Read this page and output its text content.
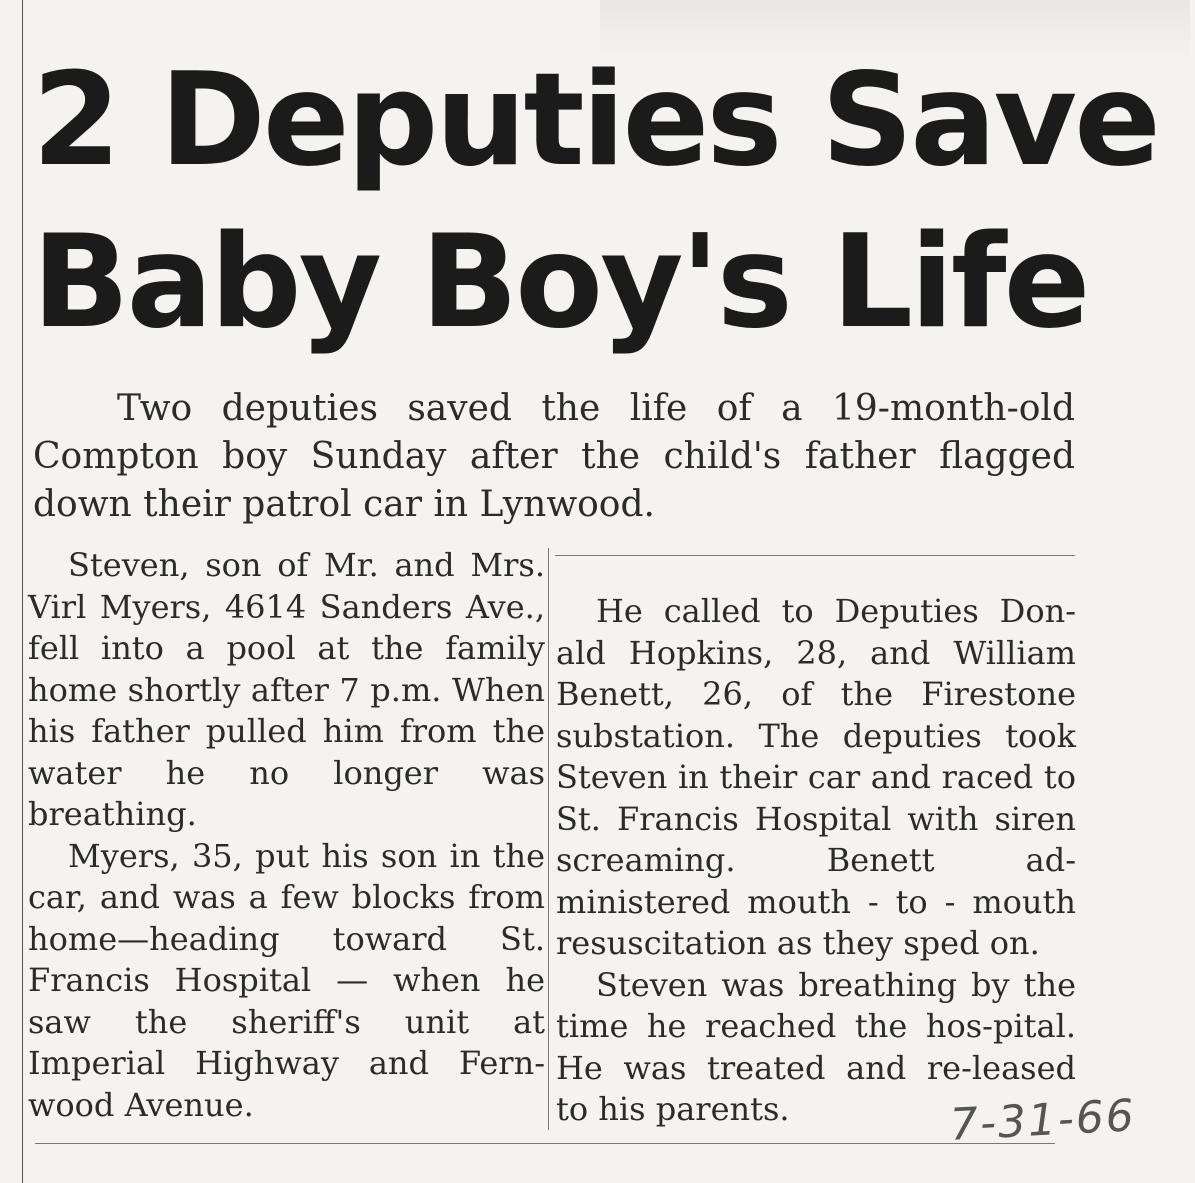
2 Deputies Save
Baby Boy's Life

Two deputies saved the life of a 19-month-old Compton boy Sunday after the child's father flagged down their patrol car in Lynwood.

Steven, son of Mr. and Mrs. Virl Myers, 4614 Sanders Ave., fell into a pool at the family home shortly after 7 p.m. When his father pulled him from the water he no longer was breathing.

Myers, 35, put his son in the car, and was a few blocks from home—heading toward St. Francis Hospital — when he saw the sheriff's unit at Imperial Highway and Fern-wood Avenue.

He called to Deputies Don-ald Hopkins, 28, and William Benett, 26, of the Firestone substation. The deputies took Steven in their car and raced to St. Francis Hospital with siren screaming. Benett ad-ministered mouth - to - mouth resuscitation as they sped on.

Steven was breathing by the time he reached the hos-pital. He was treated and re-leased to his parents.	7-31-66
